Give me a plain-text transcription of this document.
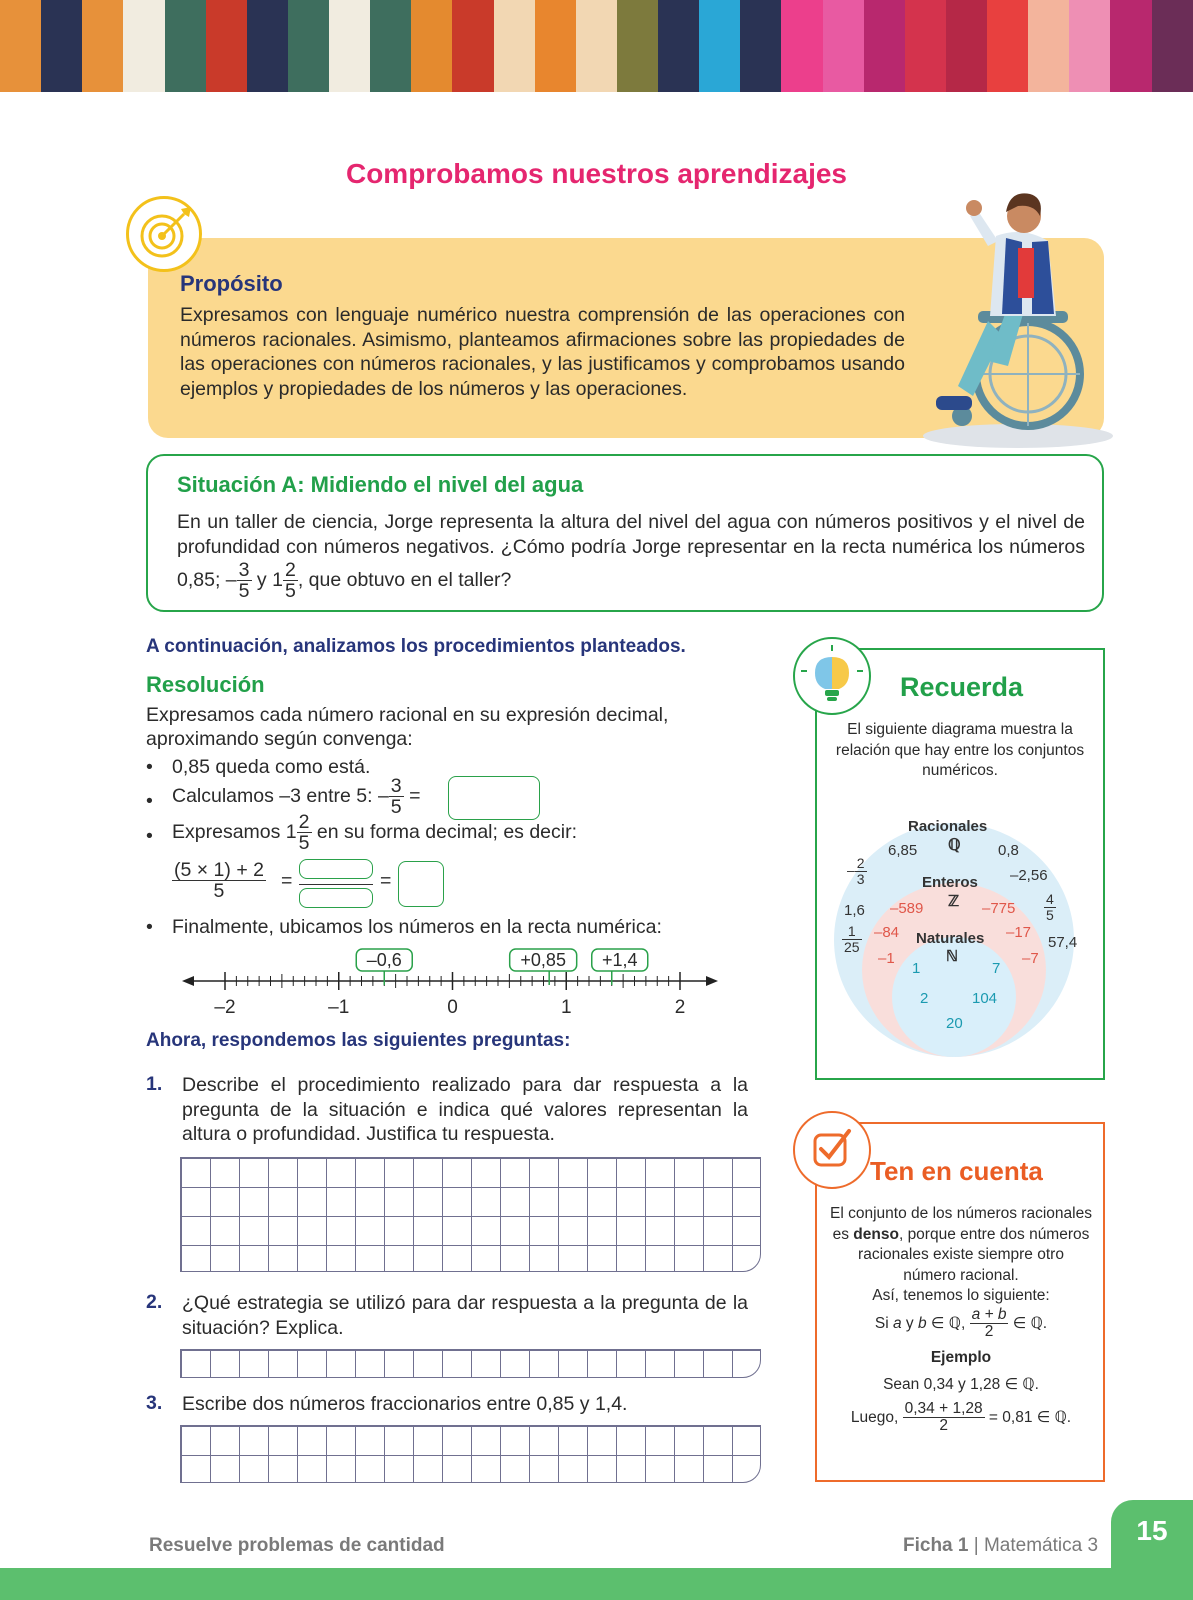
Comprobamos nuestros aprendizajes
Propósito
Expresamos con lenguaje numérico nuestra comprensión de las operaciones con números racionales. Asimismo, planteamos afirmaciones sobre las propiedades de las operaciones con números racionales, y las justificamos y comprobamos usando ejemplos y propiedades de los números y las operaciones.
Situación A: Midiendo el nivel del agua
En un taller de ciencia, Jorge representa la altura del nivel del agua con números positivos y el nivel de profundidad con números negativos. ¿Cómo podría Jorge representar en la recta numérica los números 0,85; – $\frac{3}{5}$ y $1 \frac{2}{5}$ , que obtuvo en el taller?
A continuación, analizamos los procedimientos planteados.
Resolución
Expresamos cada número racional en su expresión decimal, aproximando según convenga:
• 0,85 queda como está.
• Calculamos –3 entre 5: – $\frac{3}{5}$ =
• Expresamos $1 \frac{2}{5}$ en su forma decimal; es decir:
$\frac{(5 \times 1) + 2}{5}$ =	=
• Finalmente, ubicamos los números en la recta numérica:
–2	–1	0	1	2
–0,6	+0,85 +1,4
Ahora, respondemos las siguientes preguntas:
1. Describe el procedimiento realizado para dar respuesta a la pregunta de la situación e indica qué valores representan la altura o profundidad. Justifica tu respuesta.
2. ¿Qué estrategia se utilizó para dar respuesta a la pregunta de la situación? Explica.
3. Escribe dos números fraccionarios entre 0,85 y 1,4.
Recuerda
El siguiente diagrama muestra la relación que hay entre los conjuntos numéricos.
Racionales
ℚ
6,85	0,8
–2,56
1,6
57,4
– $\frac{2}{3}$
$\frac{4}{5}$
$\frac{1}{25}$
Enteros
ℤ
–589	–775
–84	–17
–1	–7
Naturales
ℕ
1	7
2	104
20
Ten en cuenta
El conjunto de los números racionales es denso, porque entre dos números racionales existe siempre otro número racional.
Así, tenemos lo siguiente:
Si a y b ∈ ℚ, $\frac{a + b}{2}$ ∈ ℚ.
Ejemplo
Sean 0,34 y 1,28 ∈ ℚ.
Luego, $\frac{0,34 + 1,28}{2} = 0,81$ ∈ ℚ.
Resuelve problemas de cantidad	Ficha 1 | Matemática 3	15
